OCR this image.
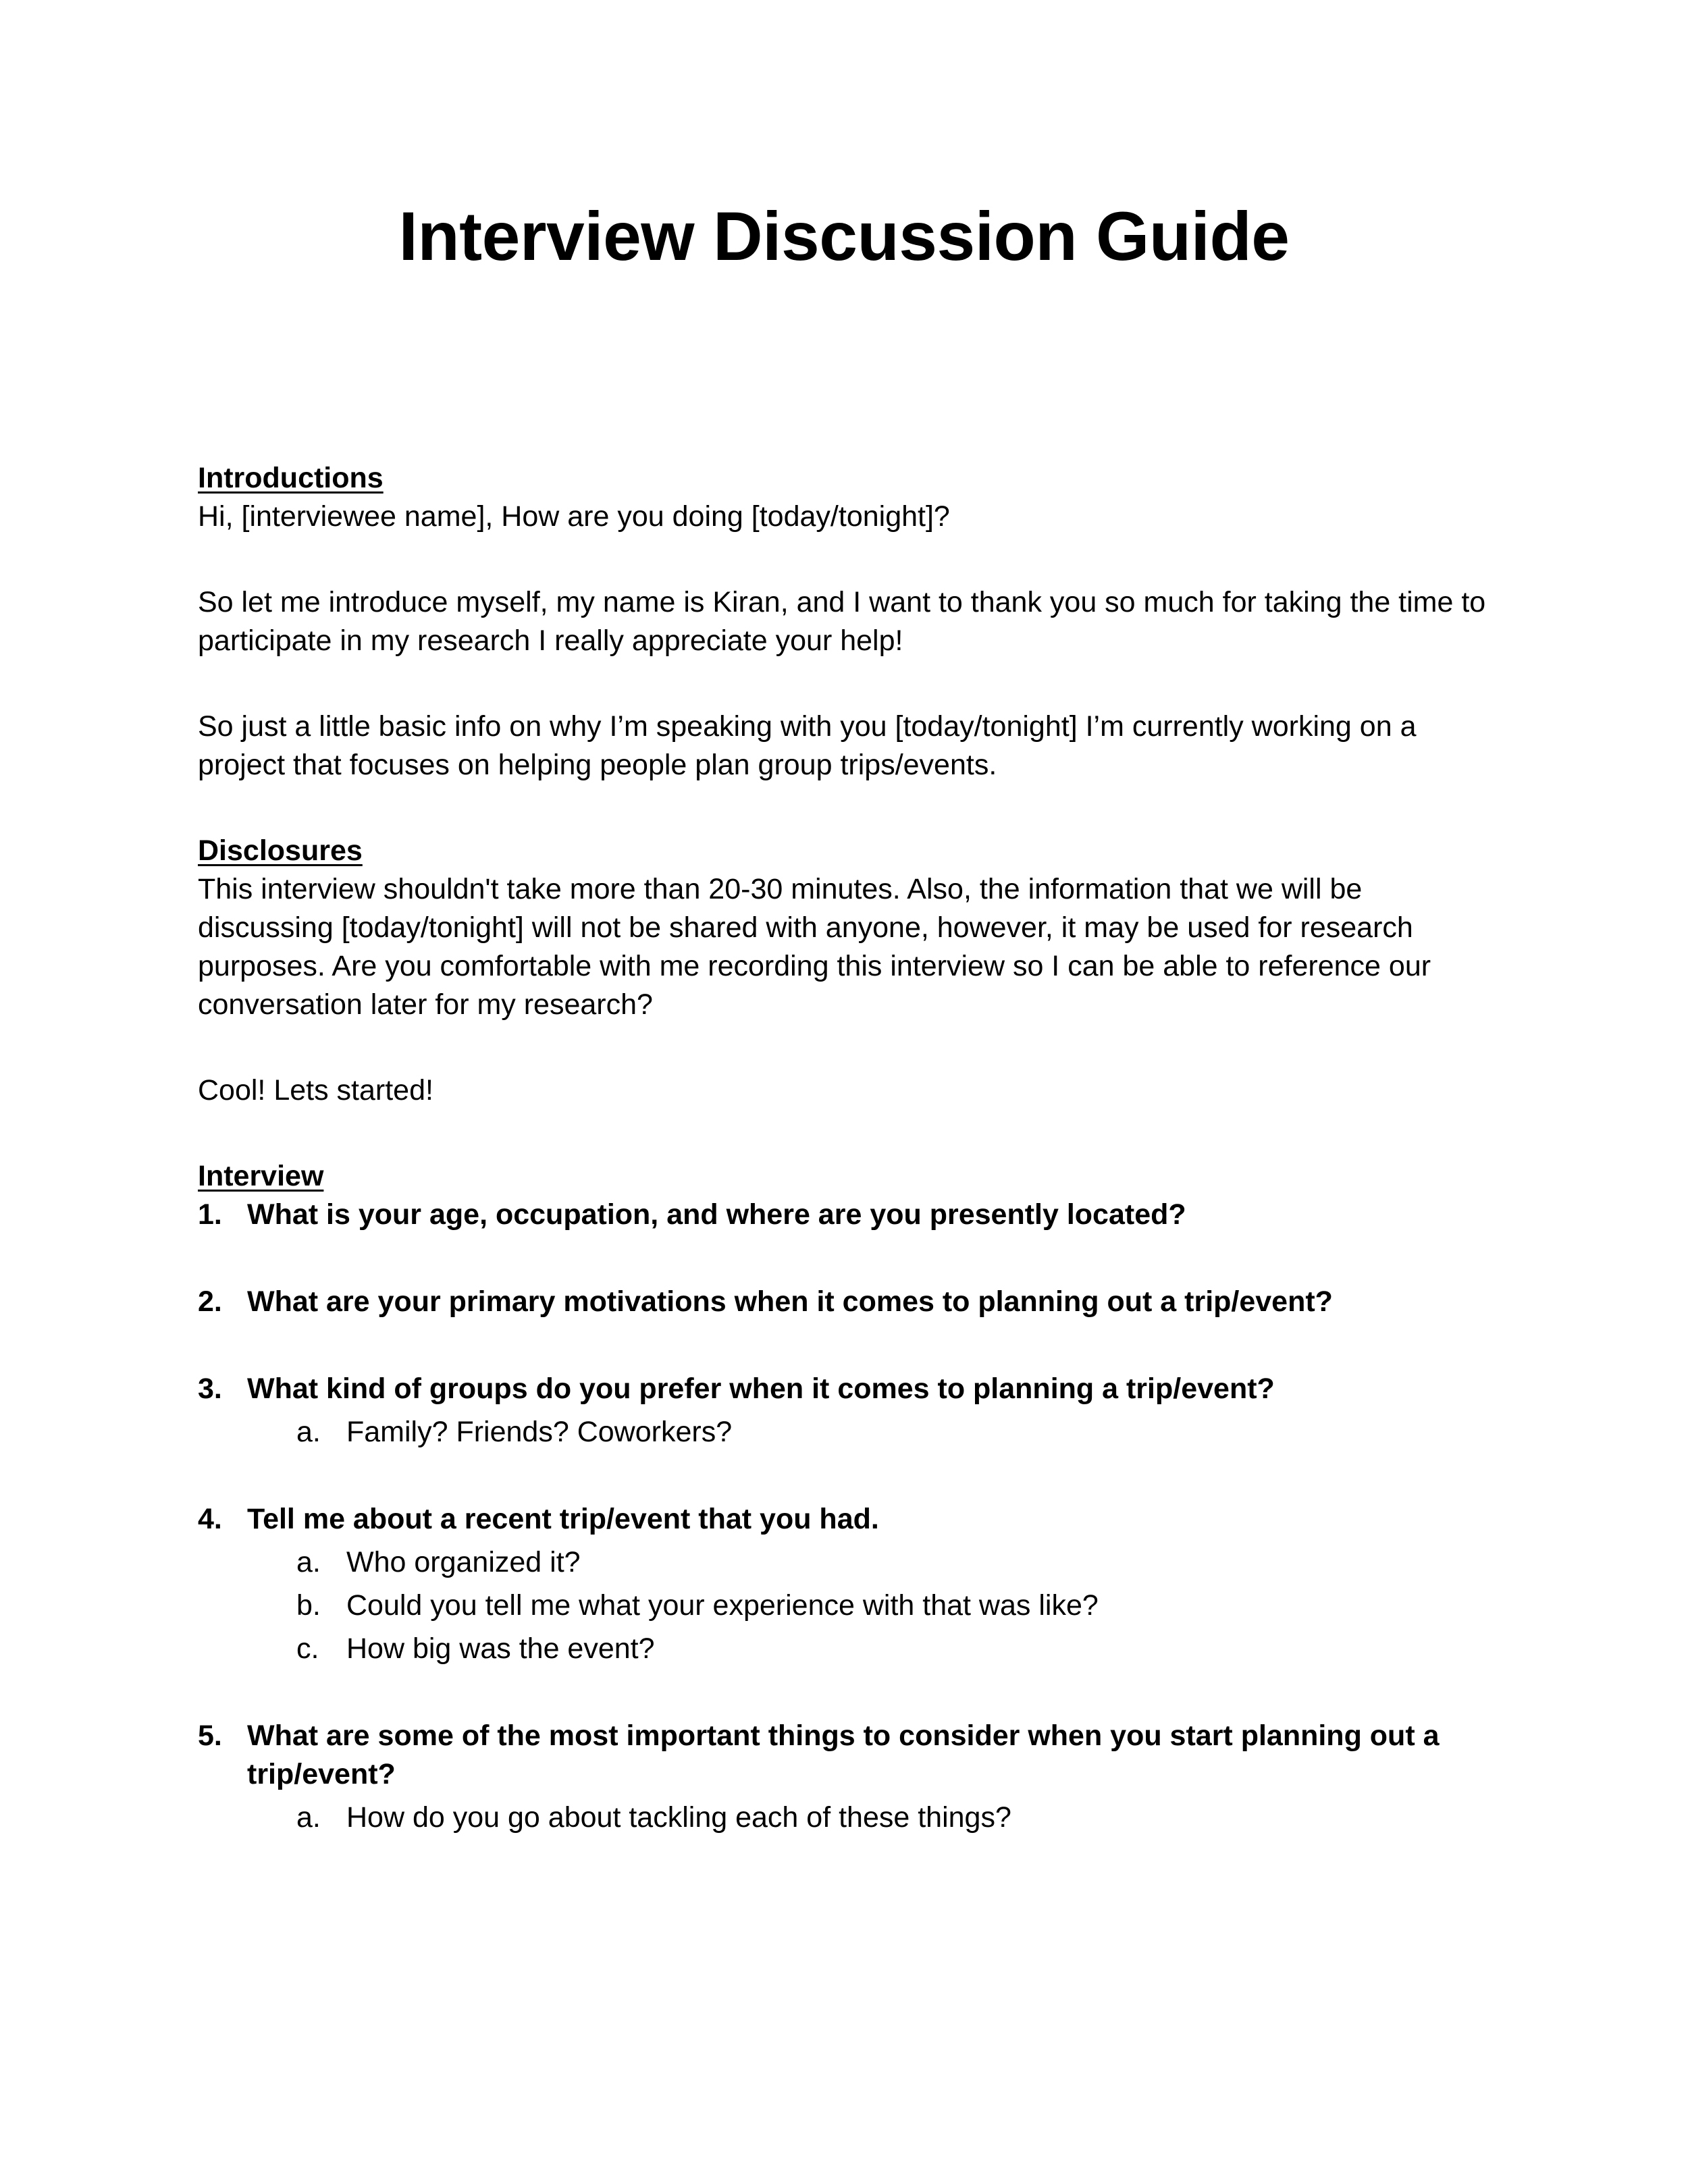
Interview Discussion Guide
Introductions

Hi, [interviewee name], How are you doing [today/tonight]?

So let me introduce myself, my name is Kiran, and I want to thank you so much for taking the time to participate in my research I really appreciate your help!

So just a little basic info on why I’m speaking with you [today/tonight] I’m currently working on a project that focuses on helping people plan group trips/events.

Disclosures

This interview shouldn't take more than 20-30 minutes. Also, the information that we will be discussing [today/tonight] will not be shared with anyone, however, it may be used for research purposes. Are you comfortable with me recording this interview so I can be able to reference our conversation later for my research?

Cool! Lets started!

Interview
1. What is your age, occupation, and where are you presently located?
2. What are your primary motivations when it comes to planning out a trip/event?
3. What kind of groups do you prefer when it comes to planning a trip/event?
a. Family? Friends? Coworkers?
4. Tell me about a recent trip/event that you had.
a. Who organized it?
b. Could you tell me what your experience with that was like?
c. How big was the event?
5. What are some of the most important things to consider when you start planning out a trip/event?
a. How do you go about tackling each of these things?
